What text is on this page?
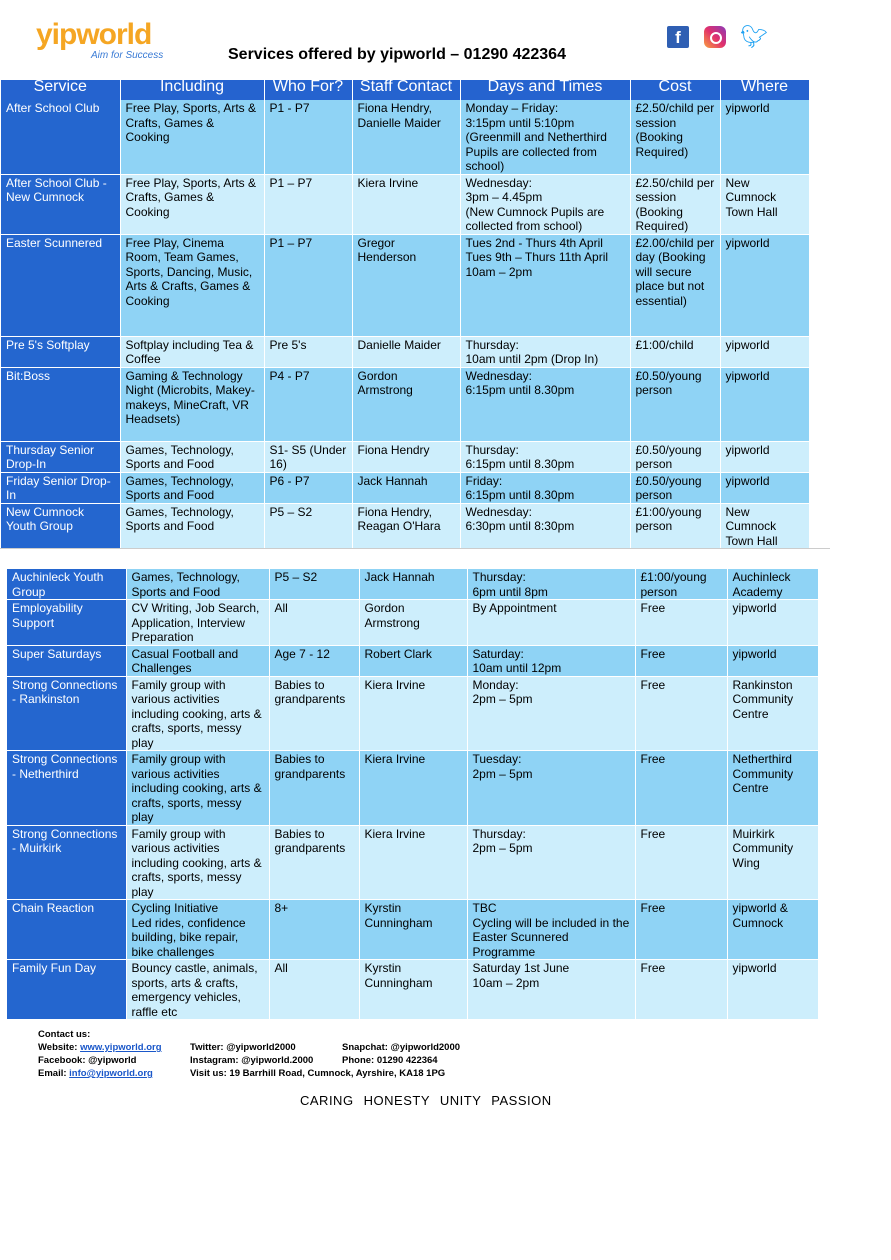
yipworld
Aim for Success	Services offered by yipworld – 01290 422364
f	🐦︎
Service	Including	Who For?	Staff Contact	Days and Times	Cost	Where
After School Club	Free Play, Sports, Arts & Crafts, Games & Cooking	P1 - P7	Fiona Hendry, Danielle Maider	Monday – Friday:
3:15pm until 5:10pm
(Greenmill and Netherthird Pupils are collected from school)	£2.50/child per session (Booking Required)	yipworld
After School Club - New Cumnock	Free Play, Sports, Arts & Crafts, Games & Cooking	P1 – P7	Kiera Irvine	Wednesday:
3pm – 4.45pm
(New Cumnock Pupils are collected from school)	£2.50/child per session (Booking Required)	New Cumnock Town Hall
Easter Scunnered	Free Play, Cinema Room, Team Games, Sports, Dancing, Music, Arts & Crafts, Games & Cooking	P1 – P7	Gregor Henderson	Tues 2nd - Thurs 4th April
Tues 9th – Thurs 11th April
10am – 2pm	£2.00/child per day (Booking will secure place but not essential)	yipworld
Pre 5's Softplay	Softplay including Tea & Coffee	Pre 5's	Danielle Maider	Thursday:
10am until 2pm (Drop In)	£1:00/child	yipworld
Bit:Boss	Gaming & Technology Night (Microbits, Makey-makeys, MineCraft, VR Headsets)	P4 - P7	Gordon Armstrong	Wednesday:
6:15pm until 8.30pm	£0.50/young person	yipworld
Thursday Senior Drop-In	Games, Technology, Sports and Food	S1- S5 (Under 16)	Fiona Hendry	Thursday:
6:15pm until 8.30pm	£0.50/young person	yipworld
Friday Senior Drop-In	Games, Technology, Sports and Food	P6 - P7	Jack Hannah	Friday:
6:15pm until 8.30pm	£0.50/young person	yipworld
New Cumnock Youth Group	Games, Technology, Sports and Food	P5 – S2	Fiona Hendry, Reagan O'Hara	Wednesday:
6:30pm until 8:30pm	£1:00/young person	New Cumnock Town Hall
Auchinleck Youth Group	Games, Technology, Sports and Food	P5 – S2	Jack Hannah	Thursday:
6pm until 8pm	£1:00/young person	Auchinleck Academy
Employability Support	CV Writing, Job Search, Application, Interview Preparation	All	Gordon Armstrong	By Appointment	Free	yipworld
Super Saturdays	Casual Football and Challenges	Age 7 - 12	Robert Clark	Saturday:
10am until 12pm	Free	yipworld
Strong Connections - Rankinston	Family group with various activities including cooking, arts & crafts, sports, messy play	Babies to grandparents	Kiera Irvine	Monday:
2pm – 5pm	Free	Rankinston Community Centre
Strong Connections - Netherthird	Family group with various activities including cooking, arts & crafts, sports, messy play	Babies to grandparents	Kiera Irvine	Tuesday:
2pm – 5pm	Free	Netherthird Community Centre
Strong Connections - Muirkirk	Family group with various activities including cooking, arts & crafts, sports, messy play	Babies to grandparents	Kiera Irvine	Thursday:
2pm – 5pm	Free	Muirkirk Community Wing
Chain Reaction	Cycling Initiative
Led rides, confidence building, bike repair, bike challenges	8+	Kyrstin Cunningham	TBC
Cycling will be included in the Easter Scunnered Programme	Free	yipworld & Cumnock
Family Fun Day	Bouncy castle, animals, sports, arts & crafts, emergency vehicles, raffle etc	All	Kyrstin Cunningham	Saturday 1st June
10am – 2pm	Free	yipworld
Contact us:
Website: www.yipworld.org
Facebook: @yipworld
Email: info@yipworld.org
Twitter: @yipworld2000
Instagram: @yipworld.2000
Visit us: 19 Barrhill Road, Cumnock, Ayrshire, KA18 1PG
Snapchat: @yipworld2000
Phone: 01290 422364
CARING HONESTY UNITY PASSION
